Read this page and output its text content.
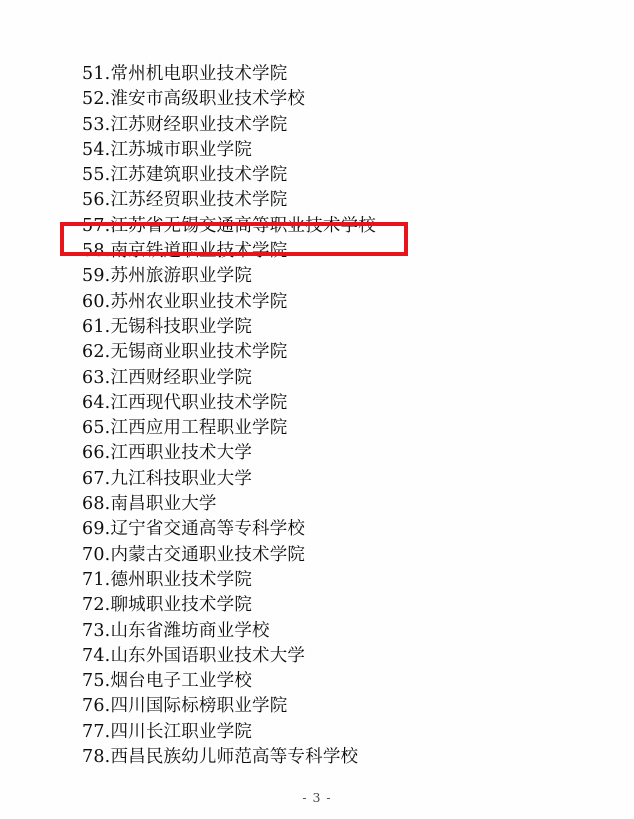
51.常州机电职业技术学院
52.淮安市高级职业技术学校
53.江苏财经职业技术学院
54.江苏城市职业学院
55.江苏建筑职业技术学院
56.江苏经贸职业技术学院
57.江苏省无锡交通高等职业技术学校
58.南京铁道职业技术学院
59.苏州旅游职业学院
60.苏州农业职业技术学院
61.无锡科技职业学院
62.无锡商业职业技术学院
63.江西财经职业学院
64.江西现代职业技术学院
65.江西应用工程职业学院
66.江西职业技术大学
67.九江科技职业大学
68.南昌职业大学
69.辽宁省交通高等专科学校
70.内蒙古交通职业技术学院
71.德州职业技术学院
72.聊城职业技术学院
73.山东省潍坊商业学校
74.山东外国语职业技术大学
75.烟台电子工业学校
76.四川国际标榜职业学院
77.四川长江职业学院
78.西昌民族幼儿师范高等专科学校
- 3 -
